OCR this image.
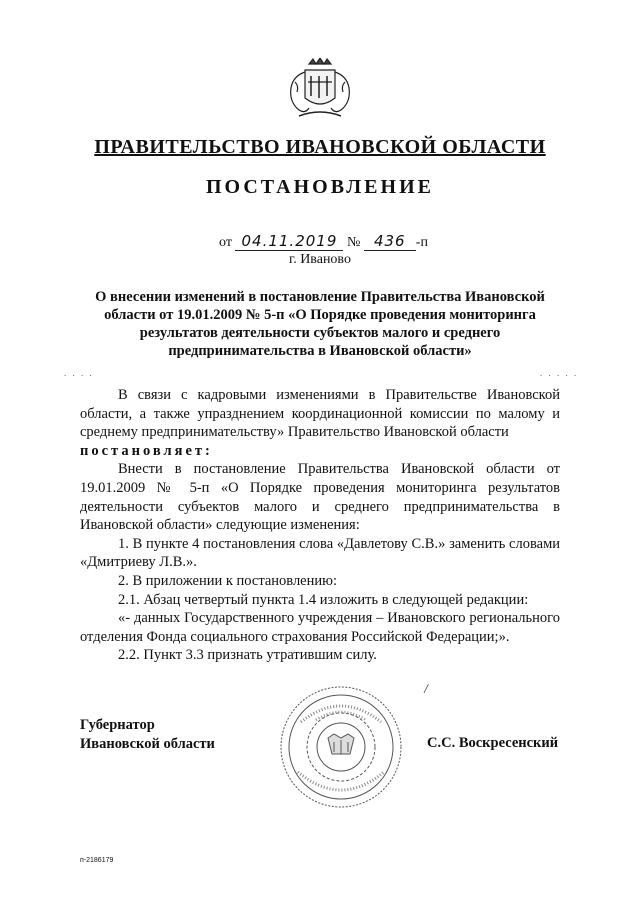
ПРАВИТЕЛЬСТВО ИВАНОВСКОЙ ОБЛАСТИ
ПОСТАНОВЛЕНИЕ
от 04.11.2019 № 436 -п
г. Иваново
О внесении изменений в постановление Правительства Ивановской области от 19.01.2009 № 5-п «О Порядке проведения мониторинга результатов деятельности субъектов малого и среднего предпринимательства в Ивановской области»
. . . .	. . . . .

В связи с кадровыми изменениями в Правительстве Ивановской области, а также упразднением координационной комиссии по малому и среднему предпринимательству» Правительство Ивановской области

постановляет:

Внести в постановление Правительства Ивановской области от 19.01.2009 № 5-п «О Порядке проведения мониторинга результатов деятельности субъектов малого и среднего предпринимательства в Ивановской области» следующие изменения:

1. В пункте 4 постановления слова «Давлетову С.В.» заменить словами «Дмитриеву Л.В.».

2. В приложении к постановлению:

2.1. Абзац четвертый пункта 1.4 изложить в следующей редакции:

«- данных Государственного учреждения – Ивановского регионального отделения Фонда социального страхования Российской Федерации;».

2.2. Пункт 3.3 признать утратившим силу.

/
Губернатор
Ивановской области	С.С. Воскресенский
п-2186179
